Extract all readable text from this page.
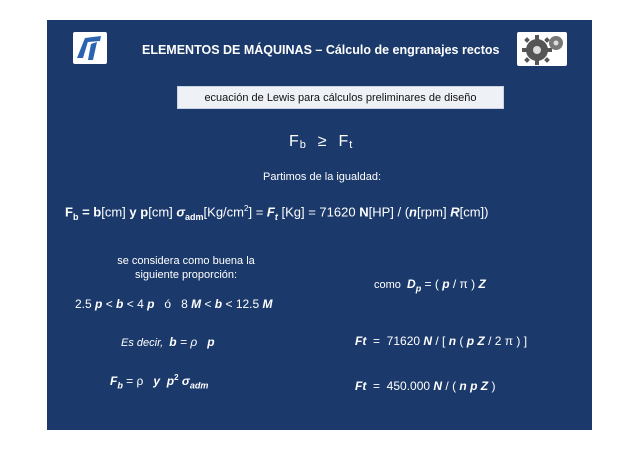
ELEMENTOS DE MÁQUINAS – Cálculo de engranajes rectos
ecuación de Lewis para cálculos preliminares de diseño
$F_b \ge F_t$
Partimos de la igualdad:
$F_b = b[cm]$ y p[cm] $\sigma_{adm}[Kg/cm^2] = F_t$ [Kg] = 71620 N[HP] / (n[rpm] R[cm])
se considera como buena la siguiente proporción:
2.5 p < b < 4 p   ó   8 M < b < 12.5 M
como  $D_p$ = ( p / π ) Z
Es decir,  b = ρ   p	Ft  =  71620 N / [ n ( p Z / 2 π ) ]
$F_b = \rho$   y $p^2$ $\sigma_{adm}$	Ft  =  450.000 N / ( n p Z )
